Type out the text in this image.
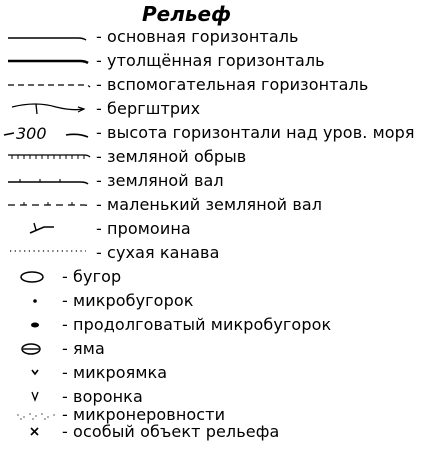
Рельеф
- основная горизонталь
- утолщённая горизонталь
- вспомогательная горизонталь
- бергштрих
300	- высота горизонтали над уров. моря
- земляной обрыв
- земляной вал
- маленький земляной вал
- промоина
- сухая канава
- бугор
- микробугорок
- продолговатый микробугорок
- яма
- микроямка
- воронка
- микронеровности
- особый объект рельефа
